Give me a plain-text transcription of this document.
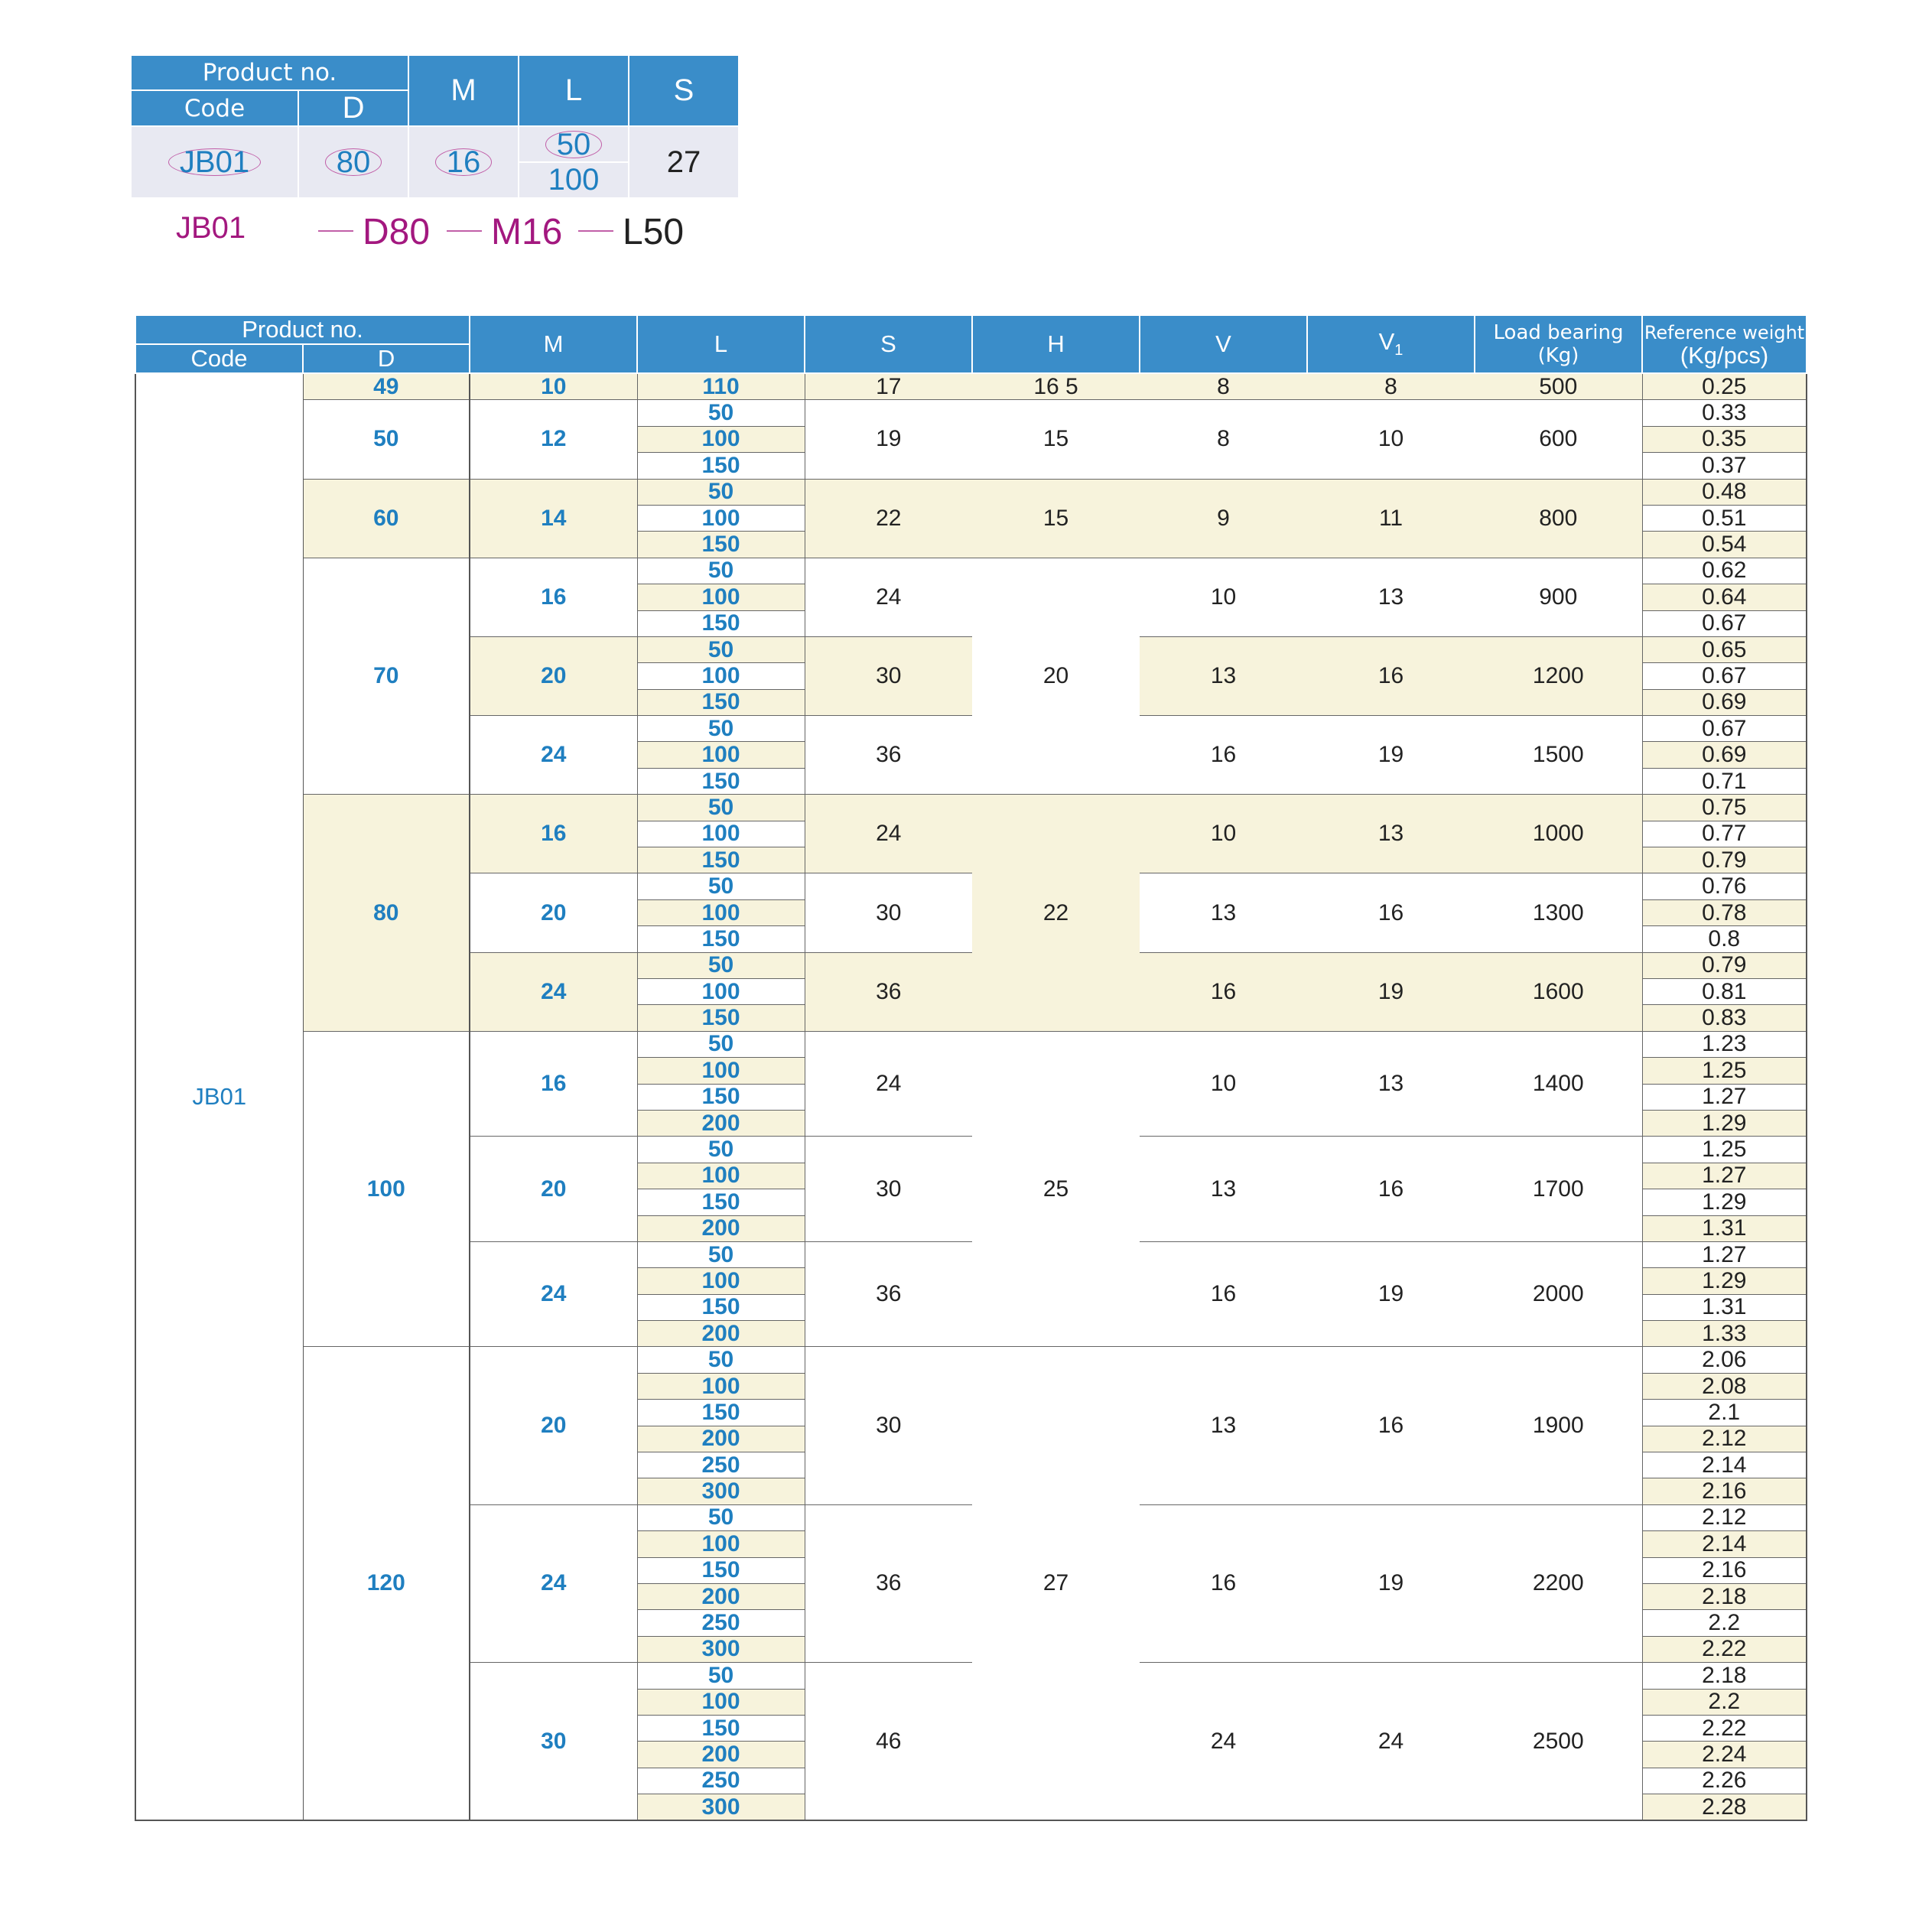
Product no.		M	L	S
Code	D			
JB01	80	16	50
100	27
JB01	D80	M16	L50
Product no.		M	L	S	H	V	$V_1$	Load bearing (Kg)	Reference weight
(Kg/pcs)

Code	D								
JB01	49	10	110	17	16 5	8	8	500	0.25
	50	12	50	19	15	8	10	600	0.33
			100						0.35
			150						0.37
	60	14	50	22	15	9	11	800	0.48
			100						0.51
			150						0.54
	70	16	50	24	20	10	13	900	0.62
			100						0.64
			150						0.67
		20	50	30		13	16	1200	0.65
			100						0.67
			150						0.69
		24	50	36		16	19	1500	0.67
			100						0.69
			150						0.71
	80	16	50	24	22	10	13	1000	0.75
			100						0.77
			150						0.79
		20	50	30		13	16	1300	0.76
			100						0.78
			150						0.8
		24	50	36		16	19	1600	0.79
			100						0.81
			150						0.83
	100	16	50	24	25	10	13	1400	1.23
			100						1.25
			150						1.27
			200						1.29
		20	50	30		13	16	1700	1.25
			100						1.27
			150						1.29
			200						1.31
		24	50	36		16	19	2000	1.27
			100						1.29
			150						1.31
			200						1.33
	120	20	50	30	27	13	16	1900	2.06
			100						2.08
			150						2.1
			200						2.12
			250						2.14
			300						2.16
		24	50	36		16	19	2200	2.12
			100						2.14
			150						2.16
			200						2.18
			250						2.2
			300						2.22
		30	50	46		24	24	2500	2.18
			100						2.2
			150						2.22
			200						2.24
			250						2.26
			300						2.28
